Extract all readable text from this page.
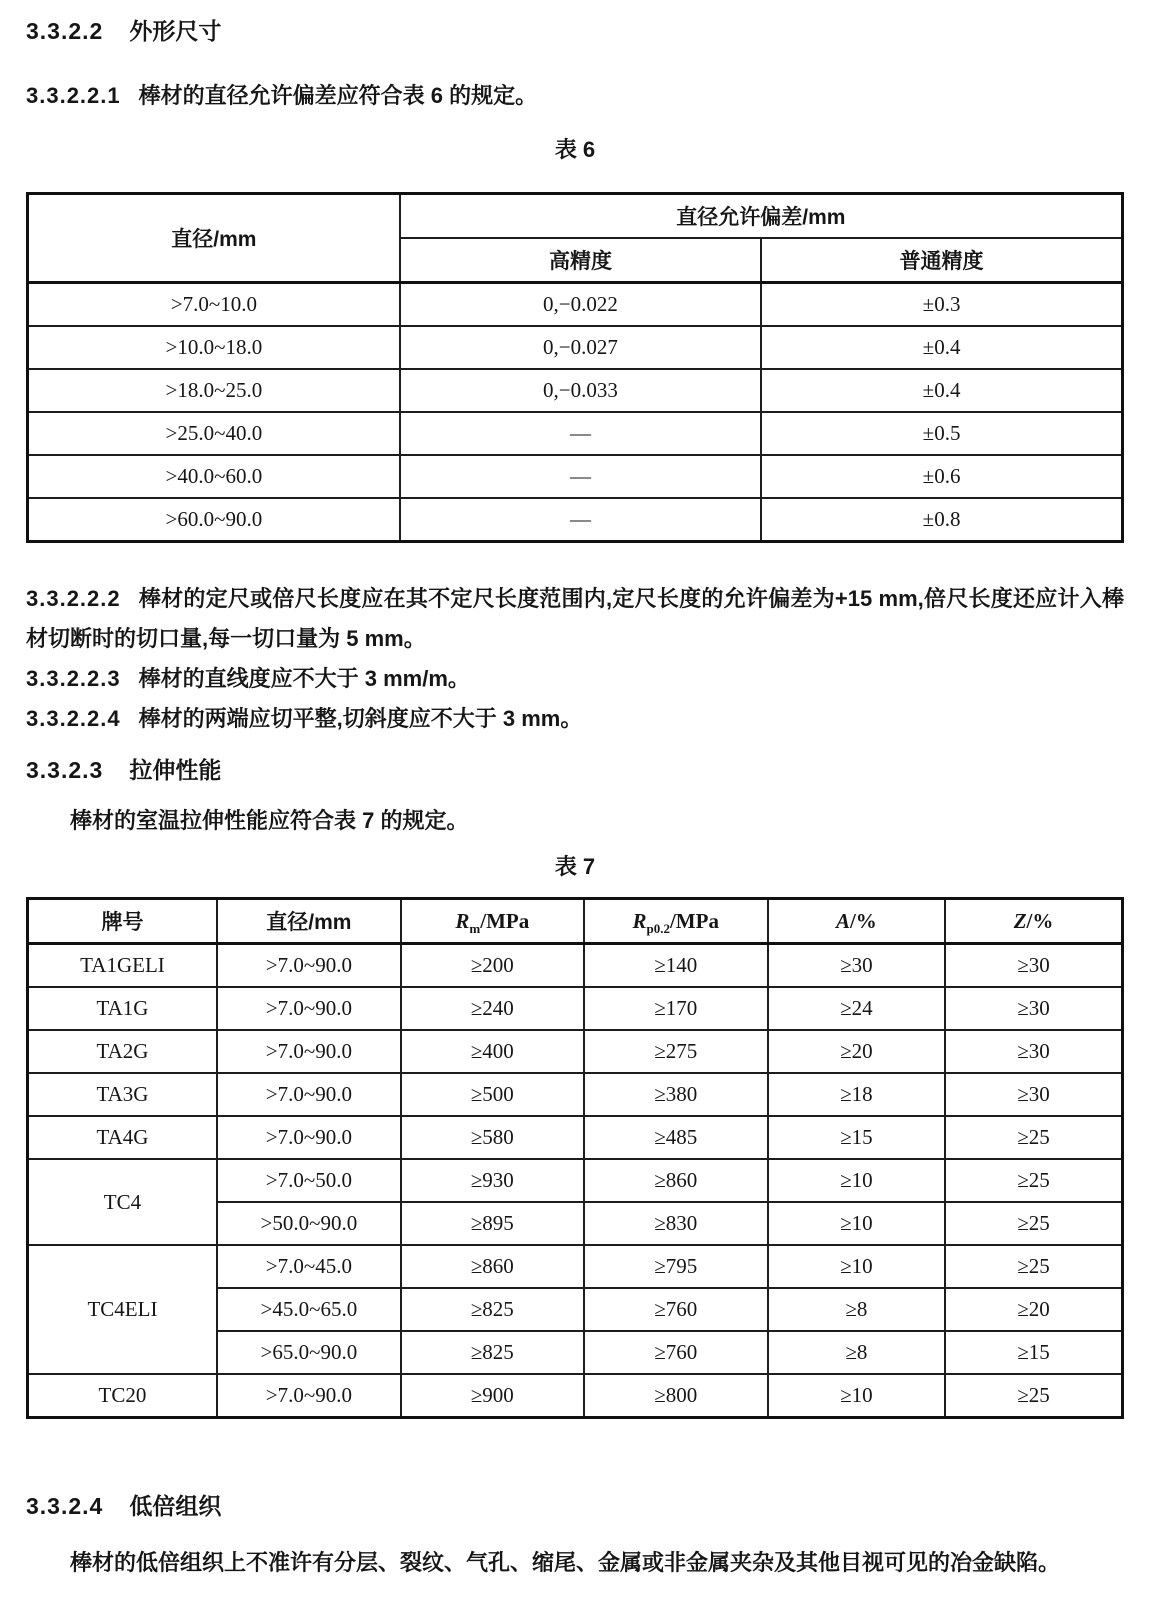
3.3.2.2 外形尺寸

3.3.2.2.1 棒材的直径允许偏差应符合表 6 的规定。

表 6
直径/mm	直径允许偏差/mm	
	高精度	普通精度
>7.0~10.0	0,−0.022	±0.3
>10.0~18.0	0,−0.027	±0.4
>18.0~25.0	0,−0.033	±0.4
>25.0~40.0	—	±0.5
>40.0~60.0	—	±0.6
>60.0~90.0	—	±0.8

3.3.2.2.2 棒材的定尺或倍尺长度应在其不定尺长度范围内,定尺长度的允许偏差为+15 mm,倍尺长度还应计入棒材切断时的切口量,每一切口量为 5 mm。

3.3.2.2.3 棒材的直线度应不大于 3 mm/m。

3.3.2.2.4 棒材的两端应切平整,切斜度应不大于 3 mm。

3.3.2.3 拉伸性能

棒材的室温拉伸性能应符合表 7 的规定。

表 7
牌号	直径/mm	$R_m$/MPa	$R_{p0.2}$/MPa	A/%	Z/%
TA1GELI	>7.0~90.0	≥200	≥140	≥30	≥30
TA1G	>7.0~90.0	≥240	≥170	≥24	≥30
TA2G	>7.0~90.0	≥400	≥275	≥20	≥30
TA3G	>7.0~90.0	≥500	≥380	≥18	≥30
TA4G	>7.0~90.0	≥580	≥485	≥15	≥25
TC4	>7.0~50.0	≥930	≥860	≥10	≥25
	>50.0~90.0	≥895	≥830	≥10	≥25
TC4ELI	>7.0~45.0	≥860	≥795	≥10	≥25
	>45.0~65.0	≥825	≥760	≥8	≥20
	>65.0~90.0	≥825	≥760	≥8	≥15
TC20	>7.0~90.0	≥900	≥800	≥10	≥25
3.3.2.4 低倍组织

棒材的低倍组织上不准许有分层、裂纹、气孔、缩尾、金属或非金属夹杂及其他目视可见的冶金缺陷。
